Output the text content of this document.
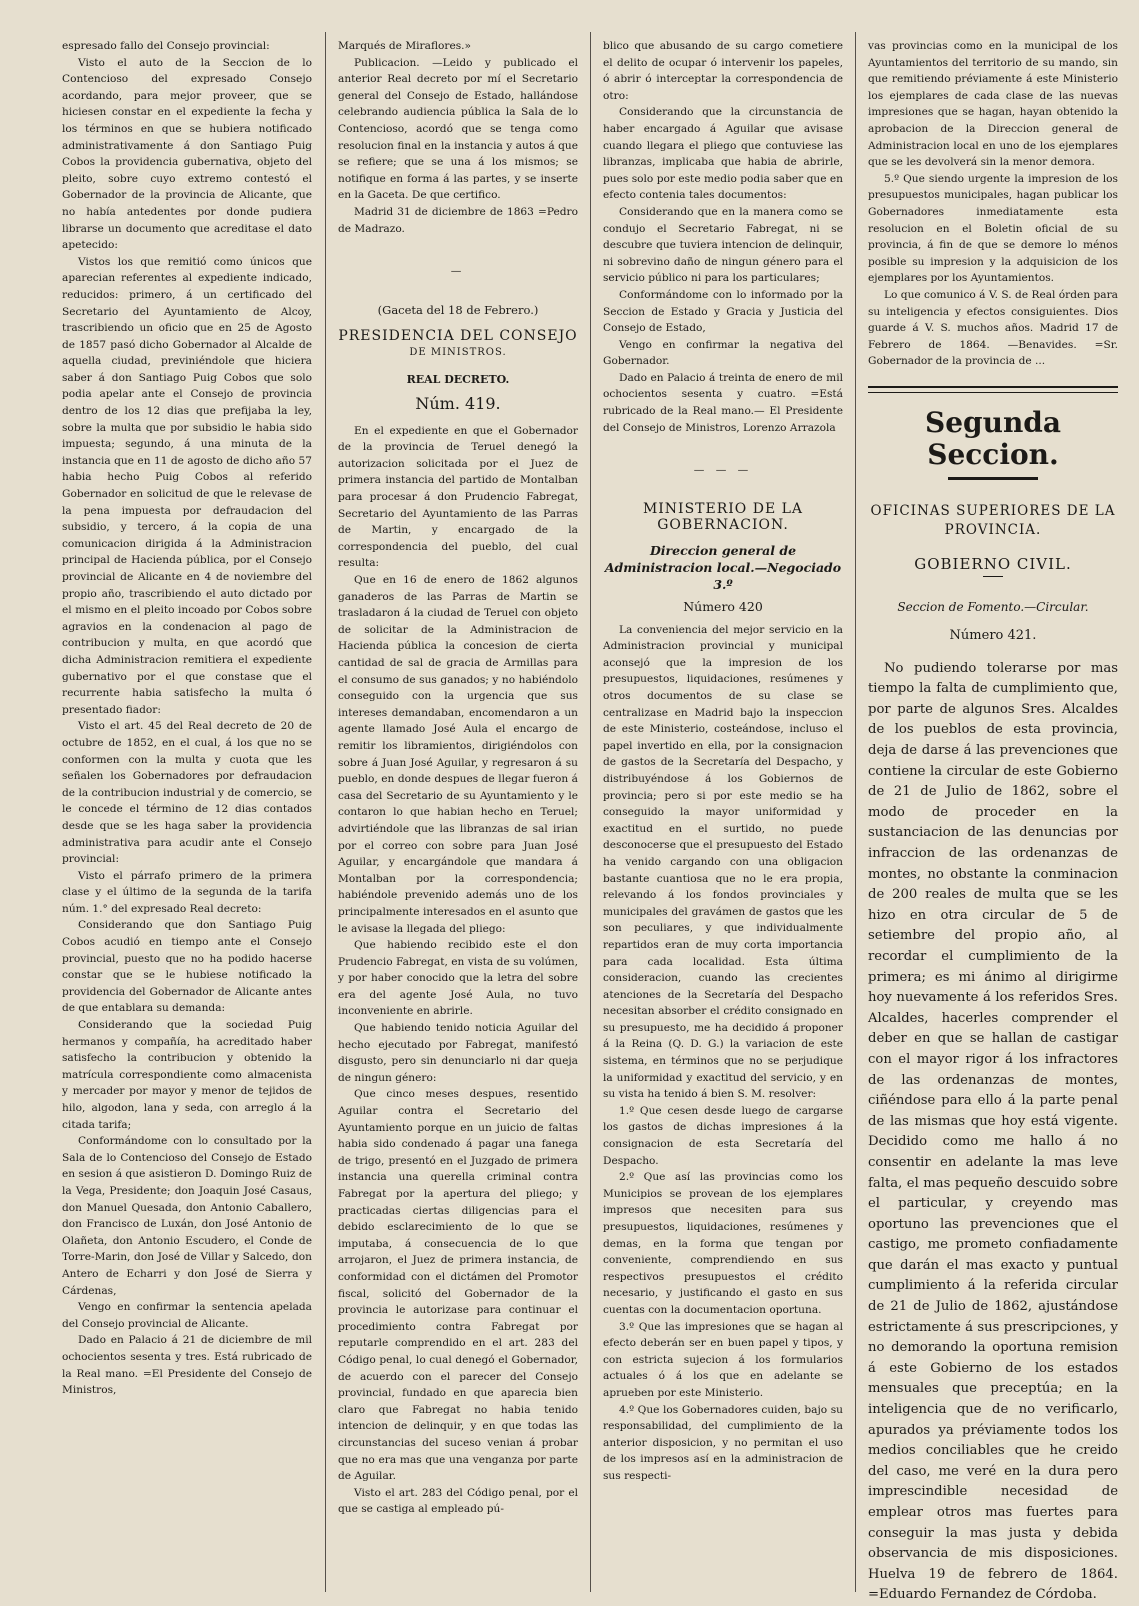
espresado fallo del Consejo provincial:

Visto el auto de la Seccion de lo Contencioso del expresado Consejo acordando, para mejor proveer, que se hiciesen constar en el expediente la fecha y los términos en que se hubiera notificado administrativamente á don Santiago Puig Cobos la providencia gubernativa, objeto del pleito, sobre cuyo extremo contestó el Gobernador de la provincia de Alicante, que no había antedentes por donde pudiera librarse un documento que acreditase el dato apetecido:

Vistos los que remitió como únicos que aparecian referentes al expediente indicado, reducidos: primero, á un certificado del Secretario del Ayuntamiento de Alcoy, trascribiendo un oficio que en 25 de Agosto de 1857 pasó dicho Gobernador al Alcalde de aquella ciudad, previniéndole que hiciera saber á don Santiago Puig Cobos que solo podia apelar ante el Consejo de provincia dentro de los 12 dias que prefijaba la ley, sobre la multa que por subsidio le habia sido impuesta; segundo, á una minuta de la instancia que en 11 de agosto de dicho año 57 habia hecho Puig Cobos al referido Gobernador en solicitud de que le relevase de la pena impuesta por defraudacion del subsidio, y tercero, á la copia de una comunicacion dirigida á la Administracion principal de Hacienda pública, por el Consejo provincial de Alicante en 4 de noviembre del propio año, trascribiendo el auto dictado por el mismo en el pleito incoado por Cobos sobre agravios en la condenacion al pago de contribucion y multa, en que acordó que dicha Administracion remitiera el expediente gubernativo por el que constase que el recurrente habia satisfecho la multa ó presentado fiador:

Visto el art. 45 del Real decreto de 20 de octubre de 1852, en el cual, á los que no se conformen con la multa y cuota que les señalen los Gobernadores por defraudacion de la contribucion industrial y de comercio, se le concede el término de 12 dias contados desde que se les haga saber la providencia administrativa para acudir ante el Consejo provincial:

Visto el párrafo primero de la primera clase y el último de la segunda de la tarifa núm. 1.° del expresado Real decreto:

Considerando que don Santiago Puig Cobos acudió en tiempo ante el Consejo provincial, puesto que no ha podido hacerse constar que se le hubiese notificado la providencia del Gobernador de Alicante antes de que entablara su demanda:

Considerando que la sociedad Puig hermanos y compañía, ha acreditado haber satisfecho la contribucion y obtenido la matrícula correspondiente como almacenista y mercader por mayor y menor de tejidos de hilo, algodon, lana y seda, con arreglo á la citada tarifa;

Conformándome con lo consultado por la Sala de lo Contencioso del Consejo de Estado en sesion á que asistieron D. Domingo Ruiz de la Vega, Presidente; don Joaquin José Casaus, don Manuel Quesada, don Antonio Caballero, don Francisco de Luxán, don José Antonio de Olañeta, don Antonio Escudero, el Conde de Torre-Marin, don José de Villar y Salcedo, don Antero de Echarri y don José de Sierra y Cárdenas,

Vengo en confirmar la sentencia apelada del Consejo provincial de Alicante.

Dado en Palacio á 21 de diciembre de mil ochocientos sesenta y tres. Está rubricado de la Real mano. =El Presidente del Consejo de Ministros,

Marqués de Miraflores.»

Publicacion. —Leido y publicado el anterior Real decreto por mí el Secretario general del Consejo de Estado, hallándose celebrando audiencia pública la Sala de lo Contencioso, acordó que se tenga como resolucion final en la instancia y autos á que se refiere; que se una á los mismos; se notifique en forma á las partes, y se inserte en la Gaceta. De que certifico.

Madrid 31 de diciembre de 1863 =Pedro de Madrazo.

—
(Gaceta del 18 de Febrero.)
PRESIDENCIA DEL CONSEJO
DE MINISTROS.
REAL DECRETO.
Núm. 419.

En el expediente en que el Gobernador de la provincia de Teruel denegó la autorizacion solicitada por el Juez de primera instancia del partido de Montalban para procesar á don Prudencio Fabregat, Secretario del Ayuntamiento de las Parras de Martin, y encargado de la correspondencia del pueblo, del cual resulta:

Que en 16 de enero de 1862 algunos ganaderos de las Parras de Martin se trasladaron á la ciudad de Teruel con objeto de solicitar de la Administracion de Hacienda pública la concesion de cierta cantidad de sal de gracia de Armillas para el consumo de sus ganados; y no habiéndolo conseguido con la urgencia que sus intereses demandaban, encomendaron a un agente llamado José Aula el encargo de remitir los libramientos, dirigiéndolos con sobre á Juan José Aguilar, y regresaron á su pueblo, en donde despues de llegar fueron á casa del Secretario de su Ayuntamiento y le contaron lo que habian hecho en Teruel; advirtiéndole que las libranzas de sal irian por el correo con sobre para Juan José Aguilar, y encargándole que mandara á Montalban por la correspondencia; habiéndole prevenido además uno de los principalmente interesados en el asunto que le avisase la llegada del pliego:

Que habiendo recibido este el don Prudencio Fabregat, en vista de su volúmen, y por haber conocido que la letra del sobre era del agente José Aula, no tuvo inconveniente en abrirle.

Que habiendo tenido noticia Aguilar del hecho ejecutado por Fabregat, manifestó disgusto, pero sin denunciarlo ni dar queja de ningun género:

Que cinco meses despues, resentido Aguilar contra el Secretario del Ayuntamiento porque en un juicio de faltas habia sido condenado á pagar una fanega de trigo, presentó en el Juzgado de primera instancia una querella criminal contra Fabregat por la apertura del pliego; y practicadas ciertas diligencias para el debido esclarecimiento de lo que se imputaba, á consecuencia de lo que arrojaron, el Juez de primera instancia, de conformidad con el dictámen del Promotor fiscal, solicitó del Gobernador de la provincia le autorizase para continuar el procedimiento contra Fabregat por reputarle comprendido en el art. 283 del Código penal, lo cual denegó el Gobernador, de acuerdo con el parecer del Consejo provincial, fundado en que aparecia bien claro que Fabregat no habia tenido intencion de delinquir, y en que todas las circunstancias del suceso venian á probar que no era mas que una venganza por parte de Aguilar.

Visto el art. 283 del Código penal, por el que se castiga al empleado pú-

blico que abusando de su cargo cometiere el delito de ocupar ó intervenir los papeles, ó abrir ó interceptar la correspondencia de otro:

Considerando que la circunstancia de haber encargado á Aguilar que avisase cuando llegara el pliego que contuviese las libranzas, implicaba que habia de abrirle, pues solo por este medio podia saber que en efecto contenia tales documentos:

Considerando que en la manera como se condujo el Secretario Fabregat, ni se descubre que tuviera intencion de delinquir, ni sobrevino daño de ningun género para el servicio público ni para los particulares;

Conformándome con lo informado por la Seccion de Estado y Gracia y Justicia del Consejo de Estado,

Vengo en confirmar la negativa del Gobernador.

Dado en Palacio á treinta de enero de mil ochocientos sesenta y cuatro. =Está rubricado de la Real mano.— El Presidente del Consejo de Ministros, Lorenzo Arrazola

— — —
MINISTERIO DE LA GOBERNACION.
Direccion general de Administracion local.—Negociado 3.º
Número 420

La conveniencia del mejor servicio en la Administracion provincial y municipal aconsejó que la impresion de los presupuestos, liquidaciones, resúmenes y otros documentos de su clase se centralizase en Madrid bajo la inspeccion de este Ministerio, costeándose, incluso el papel invertido en ella, por la consignacion de gastos de la Secretaría del Despacho, y distribuyéndose á los Gobiernos de provincia; pero si por este medio se ha conseguido la mayor uniformidad y exactitud en el surtido, no puede desconocerse que el presupuesto del Estado ha venido cargando con una obligacion bastante cuantiosa que no le era propia, relevando á los fondos provinciales y municipales del gravámen de gastos que les son peculiares, y que individualmente repartidos eran de muy corta importancia para cada localidad. Esta última consideracion, cuando las crecientes atenciones de la Secretaría del Despacho necesitan absorber el crédito consignado en su presupuesto, me ha decidido á proponer á la Reina (Q. D. G.) la variacion de este sistema, en términos que no se perjudique la uniformidad y exactitud del servicio, y en su vista ha tenido á bien S. M. resolver:

1.º Que cesen desde luego de cargarse los gastos de dichas impresiones á la consignacion de esta Secretaría del Despacho.

2.º Que así las provincias como los Municipios se provean de los ejemplares impresos que necesiten para sus presupuestos, liquidaciones, resúmenes y demas, en la forma que tengan por conveniente, comprendiendo en sus respectivos presupuestos el crédito necesario, y justificando el gasto en sus cuentas con la documentacion oportuna.

3.º Que las impresiones que se hagan al efecto deberán ser en buen papel y tipos, y con estricta sujecion á los formularios actuales ó á los que en adelante se aprueben por este Ministerio.

4.º Que los Gobernadores cuiden, bajo su responsabilidad, del cumplimiento de la anterior disposicion, y no permitan el uso de los impresos así en la administracion de sus respecti-

vas provincias como en la municipal de los Ayuntamientos del territorio de su mando, sin que remitiendo préviamente á este Ministerio los ejemplares de cada clase de las nuevas impresiones que se hagan, hayan obtenido la aprobacion de la Direccion general de Administracion local en uno de los ejemplares que se les devolverá sin la menor demora.

5.º Que siendo urgente la impresion de los presupuestos municipales, hagan publicar los Gobernadores inmediatamente esta resolucion en el Boletin oficial de su provincia, á fin de que se demore lo ménos posible su impresion y la adquisicion de los ejemplares por los Ayuntamientos.

Lo que comunico á V. S. de Real órden para su inteligencia y efectos consiguientes. Dios guarde á V. S. muchos años. Madrid 17 de Febrero de 1864. —Benavides. =Sr. Gobernador de la provincia de ...

Segunda Seccion.
OFICINAS SUPERIORES DE LA PROVINCIA.
GOBIERNO CIVIL.
Seccion de Fomento.—Circular.
Número 421.

No pudiendo tolerarse por mas tiempo la falta de cumplimiento que, por parte de algunos Sres. Alcaldes de los pueblos de esta provincia, deja de darse á las prevenciones que contiene la circular de este Gobierno de 21 de Julio de 1862, sobre el modo de proceder en la sustanciacion de las denuncias por infraccion de las ordenanzas de montes, no obstante la conminacion de 200 reales de multa que se les hizo en otra circular de 5 de setiembre del propio año, al recordar el cumplimiento de la primera; es mi ánimo al dirigirme hoy nuevamente á los referidos Sres. Alcaldes, hacerles comprender el deber en que se hallan de castigar con el mayor rigor á los infractores de las ordenanzas de montes, ciñéndose para ello á la parte penal de las mismas que hoy está vigente. Decidido como me hallo á no consentir en adelante la mas leve falta, el mas pequeño descuido sobre el particular, y creyendo mas oportuno las prevenciones que el castigo, me prometo confiadamente que darán el mas exacto y puntual cumplimiento á la referida circular de 21 de Julio de 1862, ajustándose estrictamente á sus prescripciones, y no demorando la oportuna remision á este Gobierno de los estados mensuales que preceptúa; en la inteligencia que de no verificarlo, apurados ya préviamente todos los medios conciliables que he creido del caso, me veré en la dura pero imprescindible necesidad de emplear otros mas fuertes para conseguir la mas justa y debida observancia de mis disposiciones. Huelva 19 de febrero de 1864. =Eduardo Fernandez de Córdoba.
